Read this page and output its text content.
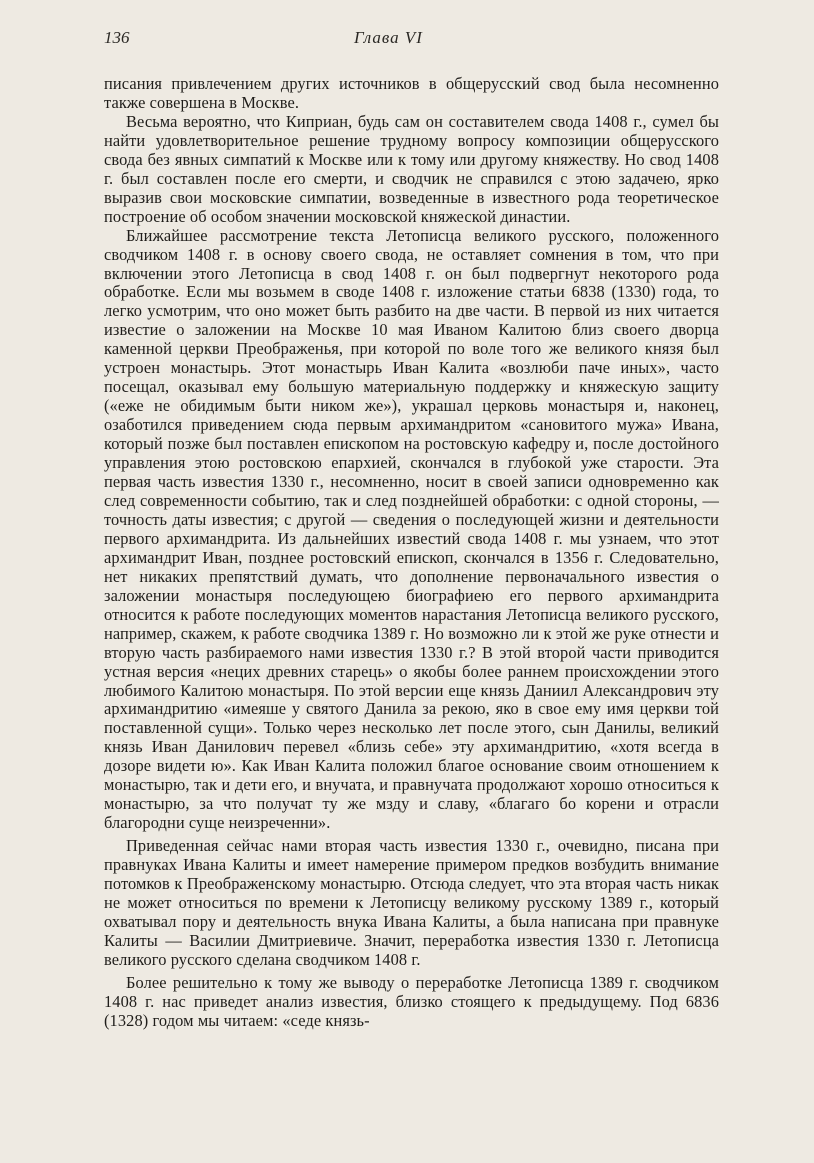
136	Глава VI

писания привлечением других источников в общерусский свод была несомненно также совершена в Москве.

Весьма вероятно, что Киприан, будь сам он составителем свода 1408 г., сумел бы найти удовлетворительное решение трудному вопросу композиции общерусского свода без явных симпатий к Москве или к тому или другому княжеству. Но свод 1408 г. был составлен после его смерти, и сводчик не справился с этою задачею, ярко выразив свои московские симпатии, возведенные в известного рода теоретическое построение об особом значении московской княжеской династии.

Ближайшее рассмотрение текста Летописца великого русского, положенного сводчиком 1408 г. в основу своего свода, не оставляет сомнения в том, что при включении этого Летописца в свод 1408 г. он был подвергнут некоторого рода обработке. Если мы возьмем в своде 1408 г. изложение статьи 6838 (1330) года, то легко усмотрим, что оно может быть разбито на две части. В первой из них читается известие о заложении на Москве 10 мая Иваном Калитою близ своего дворца каменной церкви Преображенья, при которой по воле того же великого князя был устроен монастырь. Этот монастырь Иван Калита «возлюби паче иных», часто посещал, оказывал ему большую материальную поддержку и княжескую защиту («еже не обидимым быти ником же»), украшал церковь монастыря и, наконец, озаботился приведением сюда первым архимандритом «сановитого мужа» Ивана, который позже был поставлен епископом на ростовскую кафедру и, после достойного управления этою ростовскою епархией, скончался в глубокой уже старости. Эта первая часть известия 1330 г., несомненно, носит в своей записи одновременно как след современности событию, так и след позднейшей обработки: с одной стороны, — точность даты известия; с другой — сведения о последующей жизни и деятельности первого архимандрита. Из дальнейших известий свода 1408 г. мы узнаем, что этот архимандрит Иван, позднее ростовский епископ, скончался в 1356 г. Следовательно, нет никаких препятствий думать, что дополнение первоначального известия о заложении монастыря последующею биографиею его первого архимандрита относится к работе последующих моментов нарастания Летописца великого русского, например, скажем, к работе сводчика 1389 г. Но возможно ли к этой же руке отнести и вторую часть разбираемого нами известия 1330 г.? В этой второй части приводится устная версия «нецих древних старець» о якобы более раннем происхождении этого любимого Калитою монастыря. По этой версии еще князь Даниил Александрович эту архимандритию «имеяше у святого Данила за рекою, яко в свое ему имя церкви той поставленной сущи». Только через несколько лет после этого, сын Данилы, великий князь Иван Данилович перевел «близь себе» эту архимандритию, «хотя всегда в дозоре видети ю». Как Иван Калита положил благое основание своим отношением к монастырю, так и дети его, и внучата, и правнучата продолжают хорошо относиться к монастырю, за что получат ту же мзду и славу, «благаго бо корени и отрасли благородни суще неизреченни».

Приведенная сейчас нами вторая часть известия 1330 г., очевидно, писана при правнуках Ивана Калиты и имеет намерение примером предков возбудить внимание потомков к Преображенскому монастырю. Отсюда следует, что эта вторая часть никак не может относиться по времени к Летописцу великому русскому 1389 г., который охватывал пору и деятельность внука Ивана Калиты, а была написана при правнуке Калиты — Василии Дмитриевиче. Значит, переработка известия 1330 г. Летописца великого русского сделана сводчиком 1408 г.

Более решительно к тому же выводу о переработке Летописца 1389 г. сводчиком 1408 г. нас приведет анализ известия, близко стоящего к предыдущему. Под 6836 (1328) годом мы читаем: «седе князь-
